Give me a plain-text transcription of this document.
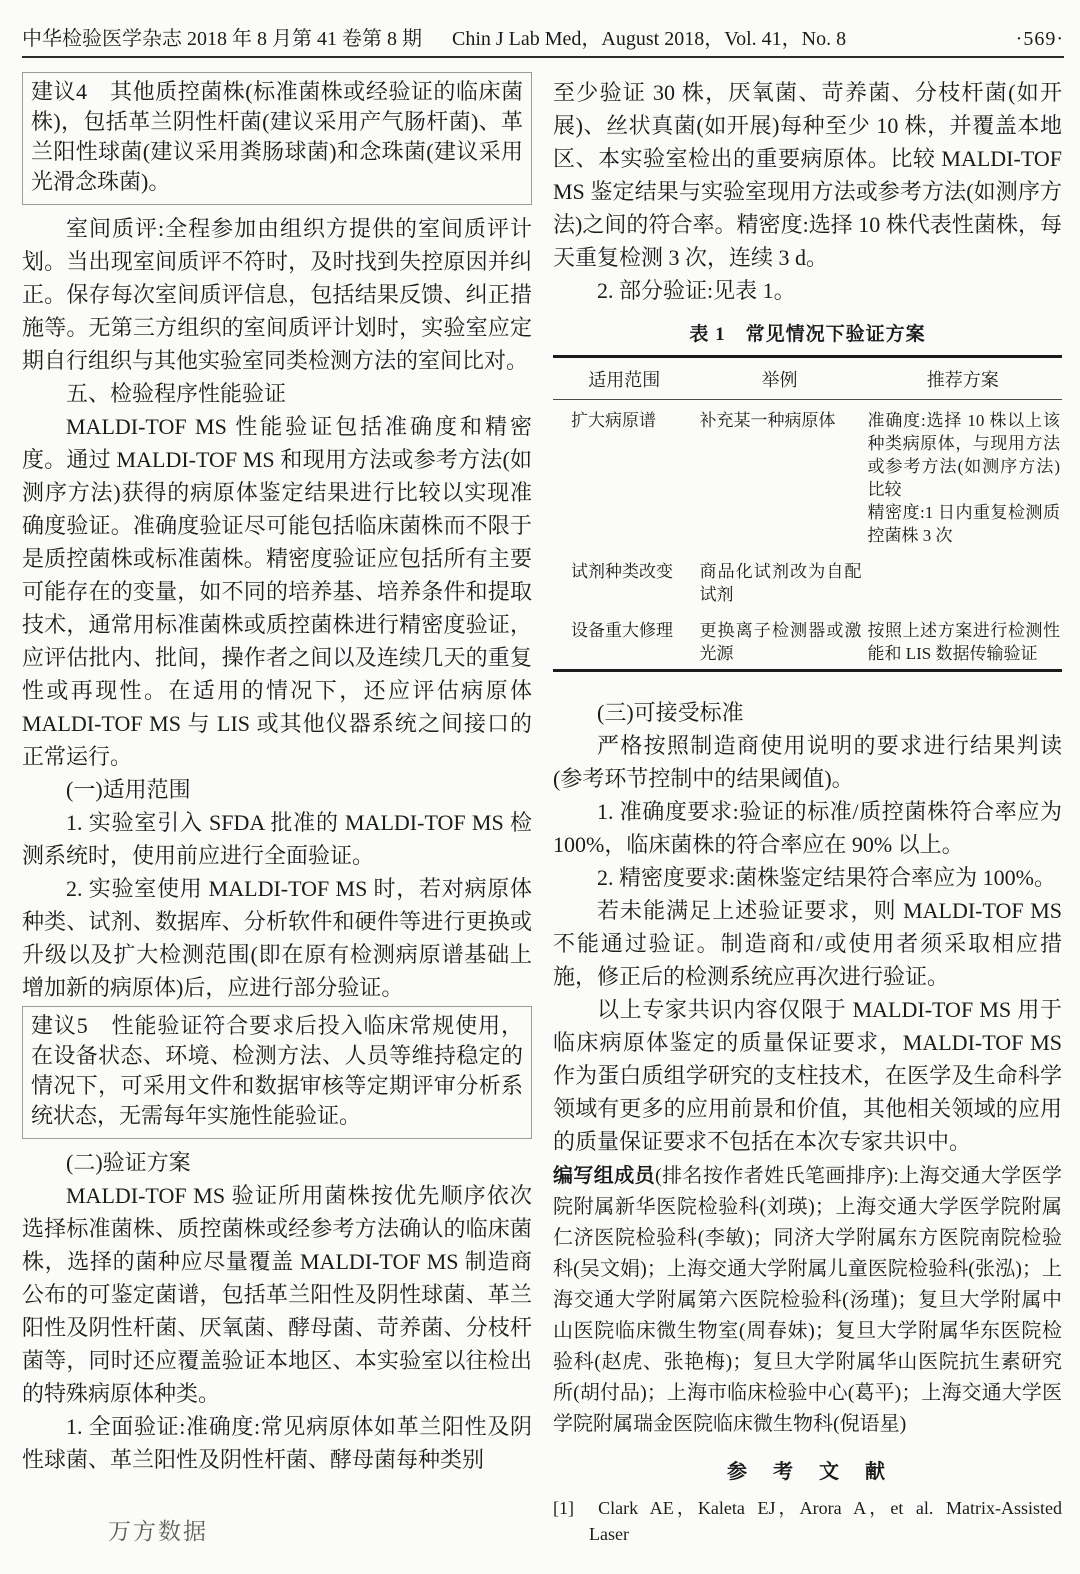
中华检验医学杂志 2018 年 8 月第 41 卷第 8 期 Chin J Lab Med，August 2018，Vol. 41，No. 8	·569·

建议4　其他质控菌株(标准菌株或经验证的临床菌株)，包括革兰阴性杆菌(建议采用产气肠杆菌)、革兰阳性球菌(建议采用粪肠球菌)和念珠菌(建议采用光滑念珠菌)。

室间质评:全程参加由组织方提供的室间质评计划。当出现室间质评不符时，及时找到失控原因并纠正。保存每次室间质评信息，包括结果反馈、纠正措施等。无第三方组织的室间质评计划时，实验室应定期自行组织与其他实验室同类检测方法的室间比对。

五、检验程序性能验证

MALDI-TOF MS 性能验证包括准确度和精密度。通过 MALDI-TOF MS 和现用方法或参考方法(如测序方法)获得的病原体鉴定结果进行比较以实现准确度验证。准确度验证尽可能包括临床菌株而不限于是质控菌株或标准菌株。精密度验证应包括所有主要可能存在的变量，如不同的培养基、培养条件和提取技术，通常用标准菌株或质控菌株进行精密度验证，应评估批内、批间，操作者之间以及连续几天的重复性或再现性。在适用的情况下，还应评估病原体 MALDI-TOF MS 与 LIS 或其他仪器系统之间接口的正常运行。

(一)适用范围

1. 实验室引入 SFDA 批准的 MALDI-TOF MS 检测系统时，使用前应进行全面验证。

2. 实验室使用 MALDI-TOF MS 时，若对病原体种类、试剂、数据库、分析软件和硬件等进行更换或升级以及扩大检测范围(即在原有检测病原谱基础上增加新的病原体)后，应进行部分验证。

建议5　性能验证符合要求后投入临床常规使用，在设备状态、环境、检测方法、人员等维持稳定的情况下，可采用文件和数据审核等定期评审分析系统状态，无需每年实施性能验证。

(二)验证方案

MALDI-TOF MS 验证所用菌株按优先顺序依次选择标准菌株、质控菌株或经参考方法确认的临床菌株，选择的菌种应尽量覆盖 MALDI-TOF MS 制造商公布的可鉴定菌谱，包括革兰阳性及阴性球菌、革兰阳性及阴性杆菌、厌氧菌、酵母菌、苛养菌、分枝杆菌等，同时还应覆盖验证本地区、本实验室以往检出的特殊病原体种类。

1. 全面验证:准确度:常见病原体如革兰阳性及阴性球菌、革兰阳性及阴性杆菌、酵母菌每种类别

至少验证 30 株，厌氧菌、苛养菌、分枝杆菌(如开展)、丝状真菌(如开展)每种至少 10 株，并覆盖本地区、本实验室检出的重要病原体。比较 MALDI-TOF MS 鉴定结果与实验室现用方法或参考方法(如测序方法)之间的符合率。精密度:选择 10 株代表性菌株，每天重复检测 3 次，连续 3 d。

2. 部分验证:见表 1。

表 1　常见情况下验证方案
适用范围	举例	推荐方案
扩大病原谱	补充某一种病原体	准确度:选择 10 株以上该种类病原体，与现用方法或参考方法(如测序方法)比较
精密度:1 日内重复检测质控菌株 3 次

试剂种类改变	商品化试剂改为自配试剂	
设备重大修理	更换离子检测器或激光源	按照上述方案进行检测性能和 LIS 数据传输验证

(三)可接受标准

严格按照制造商使用说明的要求进行结果判读(参考环节控制中的结果阈值)。

1. 准确度要求:验证的标准/质控菌株符合率应为 100%，临床菌株的符合率应在 90% 以上。

2. 精密度要求:菌株鉴定结果符合率应为 100%。

若未能满足上述验证要求，则 MALDI-TOF MS 不能通过验证。制造商和/或使用者须采取相应措施，修正后的检测系统应再次进行验证。

以上专家共识内容仅限于 MALDI-TOF MS 用于临床病原体鉴定的质量保证要求，MALDI-TOF MS 作为蛋白质组学研究的支柱技术，在医学及生命科学领域有更多的应用前景和价值，其他相关领域的应用的质量保证要求不包括在本次专家共识中。

编写组成员(排名按作者姓氏笔画排序):上海交通大学医学院附属新华医院检验科(刘瑛)；上海交通大学医学院附属仁济医院检验科(李敏)；同济大学附属东方医院南院检验科(吴文娟)；上海交通大学附属儿童医院检验科(张泓)；上海交通大学附属第六医院检验科(汤瑾)；复旦大学附属中山医院临床微生物室(周春妹)；复旦大学附属华东医院检验科(赵虎、张艳梅)；复旦大学附属华山医院抗生素研究所(胡付品)；上海市临床检验中心(葛平)；上海交通大学医学院附属瑞金医院临床微生物科(倪语星)

参　考　文　献

[1]　 Clark AE，Kaleta EJ，Arora A，et al. Matrix-Assisted Laser

万方数据
